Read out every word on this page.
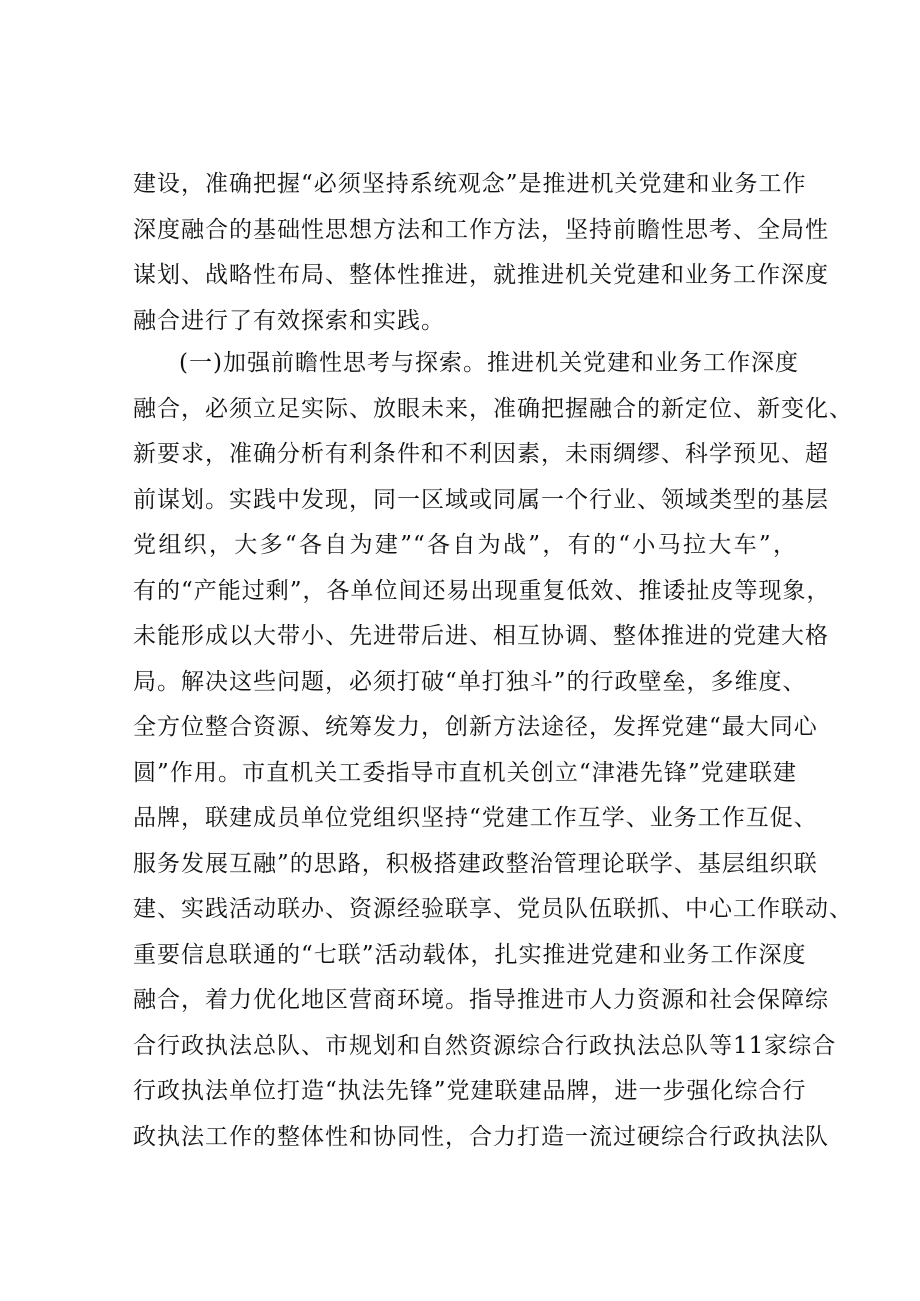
建设，准确把握“必须坚持系统观念”是推进机关党建和业务工作
深度融合的基础性思想方法和工作方法，坚持前瞻性思考、全局性
谋划、战略性布局、整体性推进，就推进机关党建和业务工作深度
融合进行了有效探索和实践。
(一)加强前瞻性思考与探索。推进机关党建和业务工作深度
融合，必须立足实际、放眼未来，准确把握融合的新定位、新变化、
新要求，准确分析有利条件和不利因素，未雨绸缪、科学预见、超
前谋划。实践中发现，同一区域或同属一个行业、领域类型的基层
党组织，大多“各自为建”“各自为战”，有的“小马拉大车”，
有的“产能过剩”，各单位间还易出现重复低效、推诿扯皮等现象，
未能形成以大带小、先进带后进、相互协调、整体推进的党建大格
局。解决这些问题，必须打破“单打独斗”的行政壁垒，多维度、
全方位整合资源、统筹发力，创新方法途径，发挥党建“最大同心
圆”作用。市直机关工委指导市直机关创立“津港先锋”党建联建
品牌，联建成员单位党组织坚持“党建工作互学、业务工作互促、
服务发展互融”的思路，积极搭建政整治管理论联学、基层组织联
建、实践活动联办、资源经验联享、党员队伍联抓、中心工作联动、
重要信息联通的“七联”活动载体，扎实推进党建和业务工作深度
融合，着力优化地区营商环境。指导推进市人力资源和社会保障综
合行政执法总队、市规划和自然资源综合行政执法总队等11家综合
行政执法单位打造“执法先锋”党建联建品牌，进一步强化综合行
政执法工作的整体性和协同性，合力打造一流过硬综合行政执法队
